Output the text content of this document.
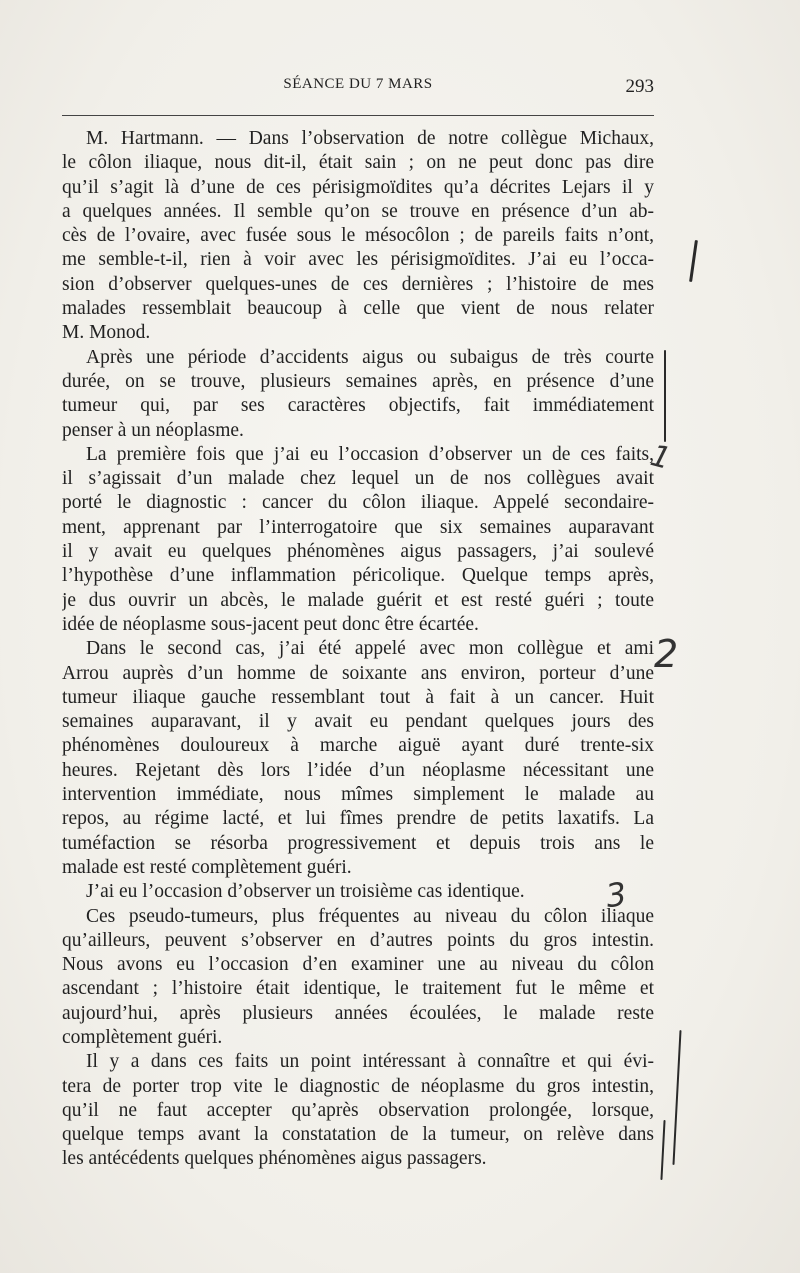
SÉANCE DU 7 MARS	293
M. Hartmann. — Dans l’observation de notre collègue Michaux,
le côlon iliaque, nous dit-il, était sain ; on ne peut donc pas dire
qu’il s’agit là d’une de ces périsigmoïdites qu’a décrites Lejars il y
a quelques années. Il semble qu’on se trouve en présence d’un ab-
cès de l’ovaire, avec fusée sous le mésocôlon ; de pareils faits n’ont,
me semble-t-il, rien à voir avec les périsigmoïdites. J’ai eu l’occa-
sion d’observer quelques-unes de ces dernières ; l’histoire de mes
malades ressemblait beaucoup à celle que vient de nous relater
M. Monod.
Après une période d’accidents aigus ou subaigus de très courte
durée, on se trouve, plusieurs semaines après, en présence d’une
tumeur qui, par ses caractères objectifs, fait immédiatement
penser à un néoplasme.
La première fois que j’ai eu l’occasion d’observer un de ces faits,
il s’agissait d’un malade chez lequel un de nos collègues avait
porté le diagnostic : cancer du côlon iliaque. Appelé secondaire-
ment, apprenant par l’interrogatoire que six semaines auparavant
il y avait eu quelques phénomènes aigus passagers, j’ai soulevé
l’hypothèse d’une inflammation péricolique. Quelque temps après,
je dus ouvrir un abcès, le malade guérit et est resté guéri ; toute
idée de néoplasme sous-jacent peut donc être écartée.
Dans le second cas, j’ai été appelé avec mon collègue et ami
Arrou auprès d’un homme de soixante ans environ, porteur d’une
tumeur iliaque gauche ressemblant tout à fait à un cancer. Huit
semaines auparavant, il y avait eu pendant quelques jours des
phénomènes douloureux à marche aiguë ayant duré trente-six
heures. Rejetant dès lors l’idée d’un néoplasme nécessitant une
intervention immédiate, nous mîmes simplement le malade au
repos, au régime lacté, et lui fîmes prendre de petits laxatifs. La
tuméfaction se résorba progressivement et depuis trois ans le
malade est resté complètement guéri.
J’ai eu l’occasion d’observer un troisième cas identique.
Ces pseudo-tumeurs, plus fréquentes au niveau du côlon iliaque
qu’ailleurs, peuvent s’observer en d’autres points du gros intestin.
Nous avons eu l’occasion d’en examiner une au niveau du côlon
ascendant ; l’histoire était identique, le traitement fut le même et
aujourd’hui, après plusieurs années écoulées, le malade reste
complètement guéri.
Il y a dans ces faits un point intéressant à connaître et qui évi-
tera de porter trop vite le diagnostic de néoplasme du gros intestin,
qu’il ne faut accepter qu’après observation prolongée, lorsque,
quelque temps avant la constatation de la tumeur, on relève dans
les antécédents quelques phénomènes aigus passagers.
1
2
3
